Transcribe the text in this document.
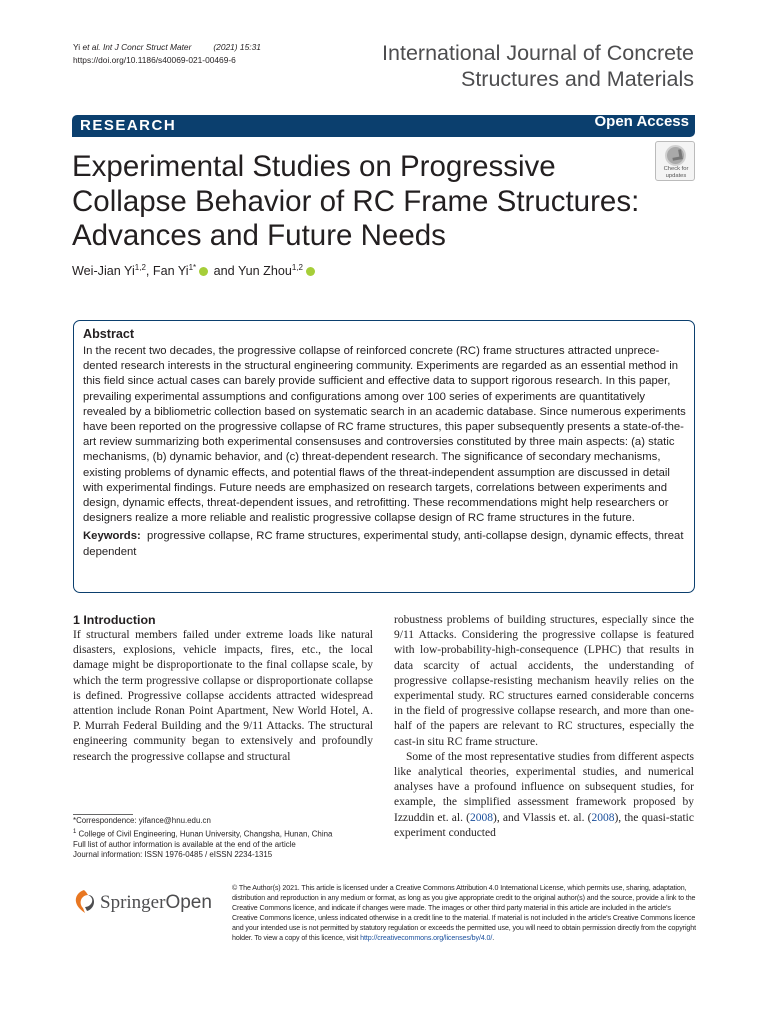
Yi et al. Int J Concr Struct Mater	(2021) 15:31
https://doi.org/10.1186/s40069-021-00469-6	International Journal of Concrete
Structures and Materials
RESEARCH	Open Access
Experimental Studies on Progressive
Collapse Behavior of RC Frame Structures:
Advances and Future Needs
Check for
updates
Wei-Jian Yi$^{1,2}$, Fan $Yi^{1*}$ and Yun Zhou$^{1,2}$
Abstract
In the recent two decades, the progressive collapse of reinforced concrete (RC) frame structures attracted unprecedented research interests in the structural engineering community. Experiments are regarded as an essential method in this field since actual cases can barely provide sufficient and effective data to support rigorous research. In this paper, prevailing experimental assumptions and configurations among over 100 series of experiments are quantitatively revealed by a bibliometric collection based on systematic search in an academic database. Since numerous experiments have been reported on the progressive collapse of RC frame structures, this paper subsequently presents a state-of-the-art review summarizing both experimental consensuses and controversies constituted by three main aspects: (a) static mechanisms, (b) dynamic behavior, and (c) threat-dependent research. The significance of secondary mechanisms, existing problems of dynamic effects, and potential flaws of the threat-independent assumption are discussed in detail with experimental findings. Future needs are emphasized on research targets, correlations between experiments and design, dynamic effects, threat-dependent issues, and retrofitting. These recommendations might help researchers or designers realize a more reliable and realistic progressive collapse design of RC frame structures in the future.
Keywords: progressive collapse, RC frame structures, experimental study, anti-collapse design, dynamic effects, threat dependent
1 Introduction
If structural members failed under extreme loads like natural disasters, explosions, vehicle impacts, fires, etc., the local damage might be disproportionate to the final collapse scale, by which the term progressive collapse or disproportionate collapse is defined. Progressive collapse accidents attracted widespread attention include Ronan Point Apartment, New World Hotel, A. P. Murrah Federal Building and the 9/11 Attacks. The structural engineering community began to extensively and profoundly research the progressive collapse and structural
robustness problems of building structures, especially since the 9/11 Attacks. Considering the progressive collapse is featured with low-probability-high-consequence (LPHC) that results in data scarcity of actual accidents, the understanding of progressive collapse-resisting mechanism heavily relies on the experimental study. RC structures earned considerable concerns in the field of progressive collapse research, and more than one-half of the papers are relevant to RC structures, especially the cast-in situ RC frame structure.
Some of the most representative studies from different aspects like analytical theories, experimental studies, and numerical analyses have a profound influence on subsequent studies, for example, the simplified assessment framework proposed by Izzuddin et. al. (2008), and Vlassis et. al. (2008), the quasi-static experiment conducted
*Correspondence: yifance@hnu.edu.cn
$^1$ College of Civil Engineering, Hunan University, Changsha, Hunan, China
Full list of author information is available at the end of the article
Journal information: ISSN 1976-0485 / eISSN 2234-1315
SpringerOpen
© The Author(s) 2021. This article is licensed under a Creative Commons Attribution 4.0 International License, which permits use, sharing, adaptation, distribution and reproduction in any medium or format, as long as you give appropriate credit to the original author(s) and the source, provide a link to the Creative Commons licence, and indicate if changes were made. The images or other third party material in this article are included in the article's Creative Commons licence, unless indicated otherwise in a credit line to the material. If material is not included in the article's Creative Commons licence and your intended use is not permitted by statutory regulation or exceeds the permitted use, you will need to obtain permission directly from the copyright holder. To view a copy of this licence, visit http://creativecommons.org/licenses/by/4.0/.
